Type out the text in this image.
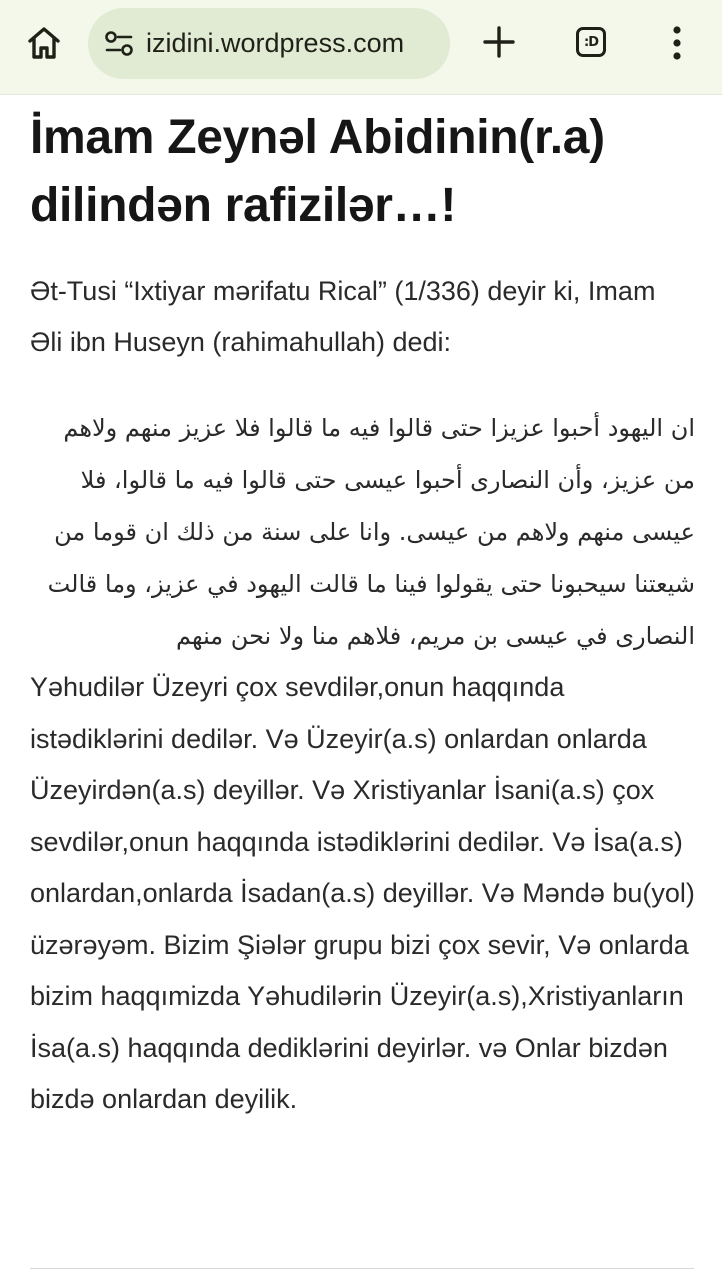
izidini.wordpress.com	:D
İmam Zeynəl Abidinin(r.a) dilindən rafizilər…!

Ət-Tusi “Ixtiyar mərifatu Rical” (1/336) deyir ki, Imam Əli ibn Huseyn (rahimahullah) dedi:

ان اليهود أحبوا عزيزا حتى قالوا فيه ما قالوا فلا عزيز منهم ولاهم من عزيز، وأن النصارى أحبوا عيسى حتى قالوا فيه ما قالوا، فلا عيسى منهم ولاهم من عيسى. وانا على سنة من ذلك ان قوما من شيعتنا سيحبونا حتى يقولوا فينا ما قالت اليهود في عزيز، وما قالت النصارى في عيسى بن مريم، فلاهم منا ولا نحن منهم

Yəhudilər Üzeyri çox sevdilər,onun haqqında istədiklərini dedilər. Və Üzeyir(a.s) onlardan onlarda Üzeyirdən(a.s) deyillər. Və Xristiyanlar İsani(a.s) çox sevdilər,onun haqqında istədiklərini dedilər. Və İsa(a.s) onlardan,onlarda İsadan(a.s) deyillər. Və Məndə bu(yol) üzərəyəm. Bizim Şiələr grupu bizi çox sevir, Və onlarda bizim haqqımizda Yəhudilərin Üzeyir(a.s),Xristiyanların İsa(a.s) haqqında dediklərini deyirlər. və Onlar bizdən bizdə onlardan deyilik.
